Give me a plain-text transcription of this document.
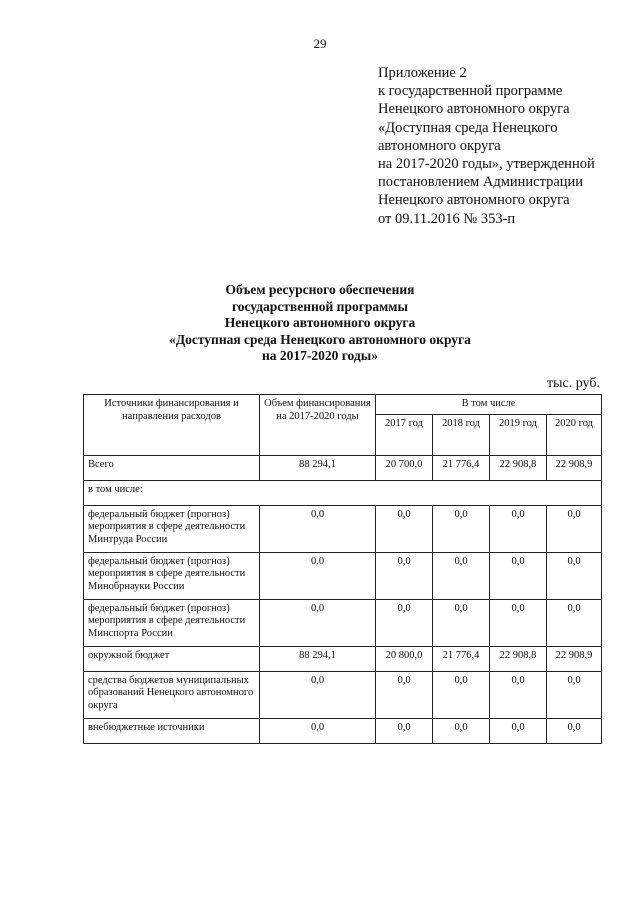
29
Приложение 2
к государственной программе
Ненецкого автономного округа
«Доступная среда Ненецкого
автономного округа
на 2017-2020 годы», утвержденной
постановлением Администрации
Ненецкого автономного округа
от 09.11.2016 № 353-п
Объем ресурсного обеспечения
государственной программы
Ненецкого автономного округа
«Доступная среда Ненецкого автономного округа
на 2017-2020 годы»
тыс. руб.
Источники финансирования и направления расходов	Объем финансирования на 2017-2020 годы	В том числе			
		2017 год	2018 год	2019 год	2020 год
Всего	88 294,1	20 700,0	21 776,4	22 908,8	22 908,9
в том числе:					
федеральный бюджет (прогноз) мероприятия в сфере деятельности Минтруда России	0,0	0,0	0,0	0,0	0,0
федеральный бюджет (прогноз) мероприятия в сфере деятельности Минобрнауки России	0,0	0,0	0,0	0,0	0,0
федеральный бюджет (прогноз) мероприятия в сфере деятельности Минспорта России	0,0	0,0	0,0	0,0	0,0
окружной бюджет	88 294,1	20 800,0	21 776,4	22 908,8	22 908,9
средства бюджетов муниципальных образований Ненецкого автономного округа	0,0	0,0	0,0	0,0	0,0
внебюджетные источники	0,0	0,0	0,0	0,0	0,0
